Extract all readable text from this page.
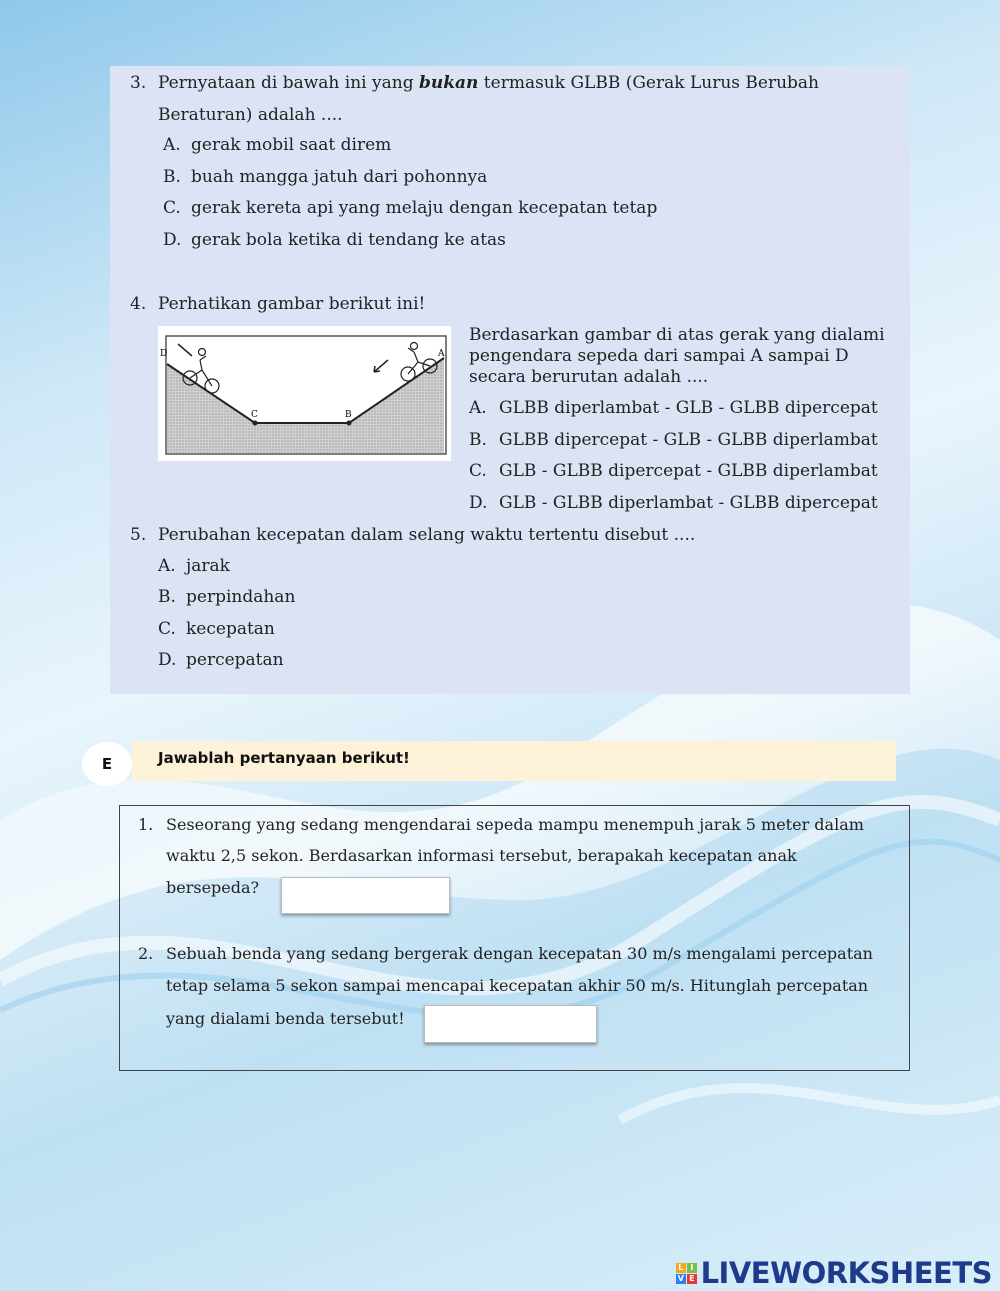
3. Pernyataan di bawah ini yang bukan termasuk GLBB (Gerak Lurus Berubah
Beraturan) adalah ....
A. gerak mobil saat direm
B. buah mangga jatuh dari pohonnya
C. gerak kereta api yang melaju dengan kecepatan tetap
D. gerak bola ketika di tendang ke atas
4. Perhatikan gambar berikut ini!
C	B
D	A
Berdasarkan gambar di atas gerak yang dialami
pengendara sepeda dari sampai A sampai D
secara berurutan adalah ....
A. GLBB diperlambat - GLB - GLBB dipercepat
B. GLBB dipercepat - GLB - GLBB diperlambat
C. GLB - GLBB dipercepat - GLBB diperlambat
D. GLB - GLBB diperlambat - GLBB dipercepat
5. Perubahan kecepatan dalam selang waktu tertentu disebut ....
A. jarak
B. perpindahan
C. kecepatan
D. percepatan
E	Jawablah pertanyaan berikut!
1. Seseorang yang sedang mengendarai sepeda mampu menempuh jarak 5 meter dalam
waktu 2,5 sekon. Berdasarkan informasi tersebut, berapakah kecepatan anak
bersepeda?
2. Sebuah benda yang sedang bergerak dengan kecepatan 30 m/s mengalami percepatan
tetap selama 5 sekon sampai mencapai kecepatan akhir 50 m/s. Hitunglah percepatan
yang dialami benda tersebut!
L I
V E LIVEWORKSHEETS
